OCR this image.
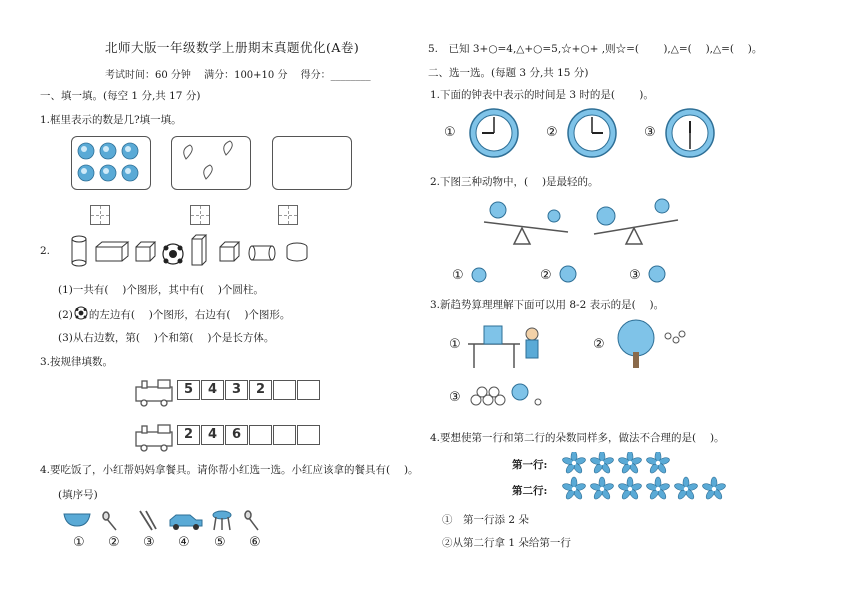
北师大版一年级数学上册期末真题优化(A卷)
考试时间：60 分钟　 满分：100+10 分　 得分：________
一、填一填。(每空 1 分,共 17 分)
1.框里表示的数是几?填一填。
2.
(1)一共有(　 )个图形，其中有(　 )个圆柱。
(2) 的左边有(　 )个图形，右边有(　 )个图形。
(3)从右边数，第(　 )个和第(　 )个是长方体。
3.按规律填数。
5	4	3	2
2	4	6
4.要吃饭了，小红帮妈妈拿餐具。请你帮小红选一选。小红应该拿的餐具有(　 )。
(填序号)
① ② ③ ④ ⑤ ⑥
5.　已知 3+○=4,△+○=5,☆+○+ ,则☆=(　　 ),△=(　 ),△=(　 )。
二、选一选。(每题 3 分,共 15 分)
1.下面的钟表中表示的时间是 3 时的是(　　 )。
①	②	③
2.下图三种动物中，(　 )是最轻的。
①	②	③
3.新趋势算理理解下面可以用 8-2 表示的是(　 )。
①	②
③
4.要想使第一行和第二行的朵数同样多，做法不合理的是(　 )。
第一行:
第二行:
①　第一行添 2 朵
②从第二行拿 1 朵给第一行
